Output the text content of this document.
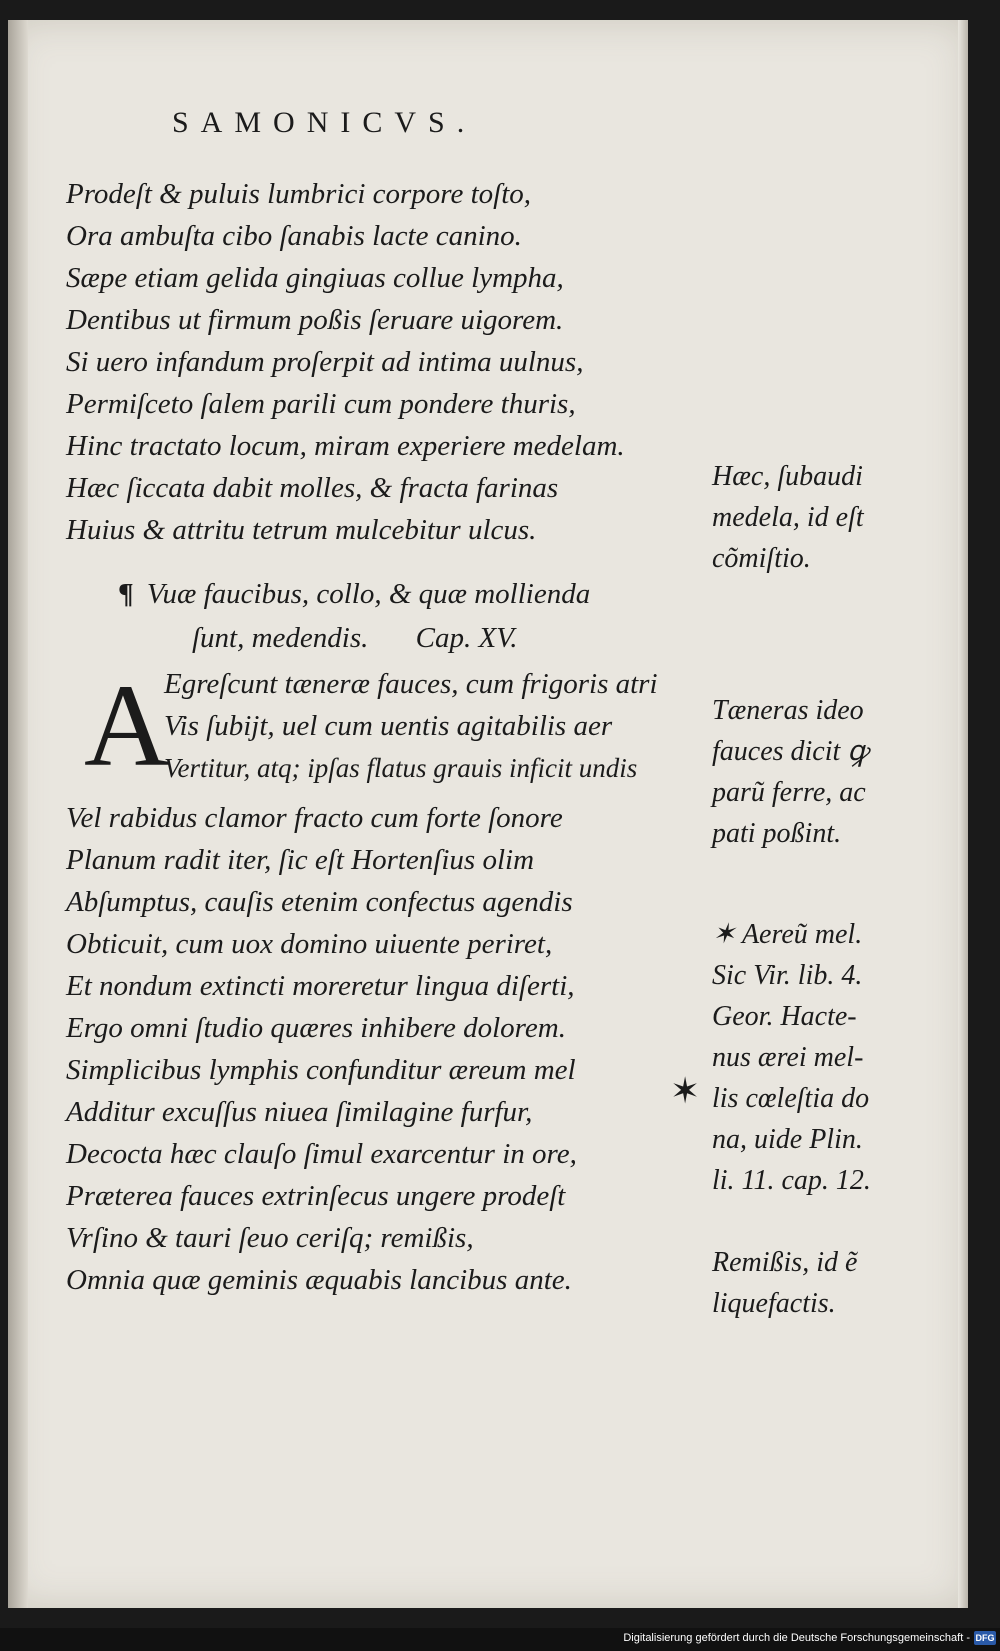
SAMONICVS.
Prodeſt & puluis lumbrici corpore toſto,
Ora ambuſta cibo ſanabis lacte canino.
Sæpe etiam gelida gingiuas collue lympha,
Dentibus ut firmum poßis ſeruare uigorem.
Si uero infandum proſerpit ad intima uulnus,
Permiſceto ſalem parili cum pondere thuris,
Hinc tractato locum, miram experiere medelam.
Hæc ſiccata dabit molles, & fracta farinas
Huius & attritu tetrum mulcebitur ulcus.
¶ Vuæ faucibus, collo, & quæ mollienda
ſunt, medendis. Cap. XV.
A
Egreſcunt tæneræ fauces, cum frigoris atri
Vis ſubijt, uel cum uentis agitabilis aer
Vertitur, atq; ipſas flatus grauis inficit undis
Vel rabidus clamor fracto cum forte ſonore
Planum radit iter, ſic eſt Hortenſius olim
Abſumptus, cauſis etenim confectus agendis
Obticuit, cum uox domino uiuente periret,
Et nondum extincti moreretur lingua diſerti,
Ergo omni ſtudio quæres inhibere dolorem.
Simplicibus lymphis confunditur æreum mel
Additur excuſſus niuea ſimilagine furfur,
Decocta hæc clauſo ſimul exarcentur in ore,
Præterea fauces extrinſecus ungere prodeſt
Vrſino & tauri ſeuo ceriſq; remißis,
Omnia quæ geminis æquabis lancibus ante.
✶
Hæc, ſubaudi
medela, id eſt
cõmiſtio.
Tæneras ideo
fauces dicit ꝙ
parũ ferre, ac
pati poßint.
✶ Aereũ mel.
Sic Vir. lib. 4.
Geor. Hacte-
nus ærei mel-
lis cœleſtia do
na, uide Plin.
li. 11. cap. 12.
Remißis, id ẽ
liquefactis.
Digitalisierung gefördert durch die Deutsche Forschungsgemeinschaft - DFG
